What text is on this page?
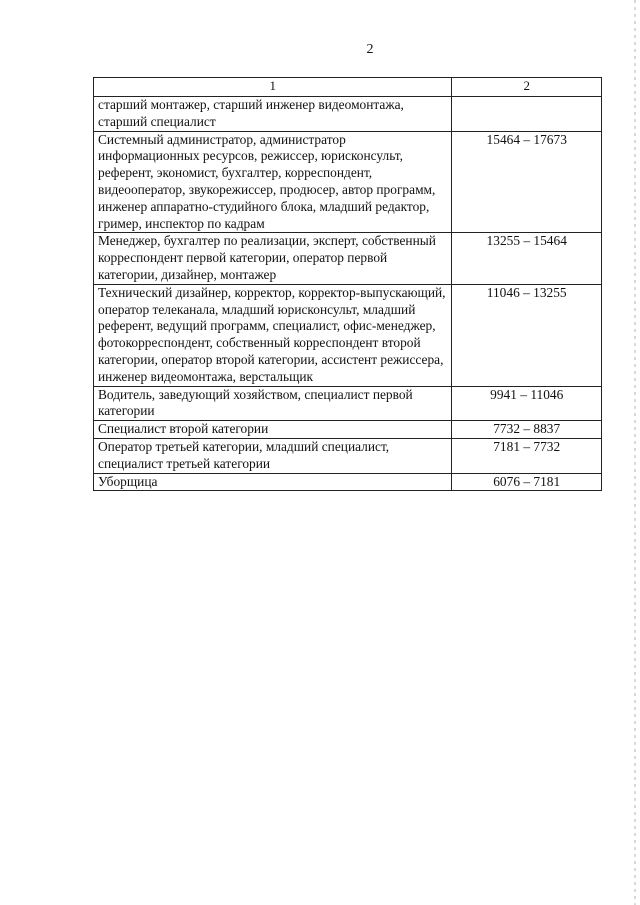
2
1	2
старший монтажер, старший инженер видеомонтажа, старший специалист	
Системный администратор, администратор информационных ресурсов, режиссер, юрисконсульт, референт, экономист, бухгалтер, корреспондент, видеооператор, звукорежиссер, продюсер, автор программ, инженер аппаратно-студийного блока, младший редактор, гример, инспектор по кадрам	15464 – 17673
Менеджер, бухгалтер по реализации, эксперт, собственный корреспондент первой категории, оператор первой категории, дизайнер, монтажер	13255 – 15464
Технический дизайнер, корректор, корректор-выпускающий, оператор телеканала, младший юрисконсульт, младший референт, ведущий программ, специалист, офис-менеджер, фотокорреспондент, собственный корреспондент второй категории, оператор второй категории, ассистент режиссера, инженер видеомонтажа, верстальщик	11046 – 13255
Водитель, заведующий хозяйством, специалист первой категории	9941 – 11046
Специалист второй категории	7732 – 8837
Оператор третьей категории, младший специалист, специалист третьей категории	7181 – 7732
Уборщица	6076 – 7181
